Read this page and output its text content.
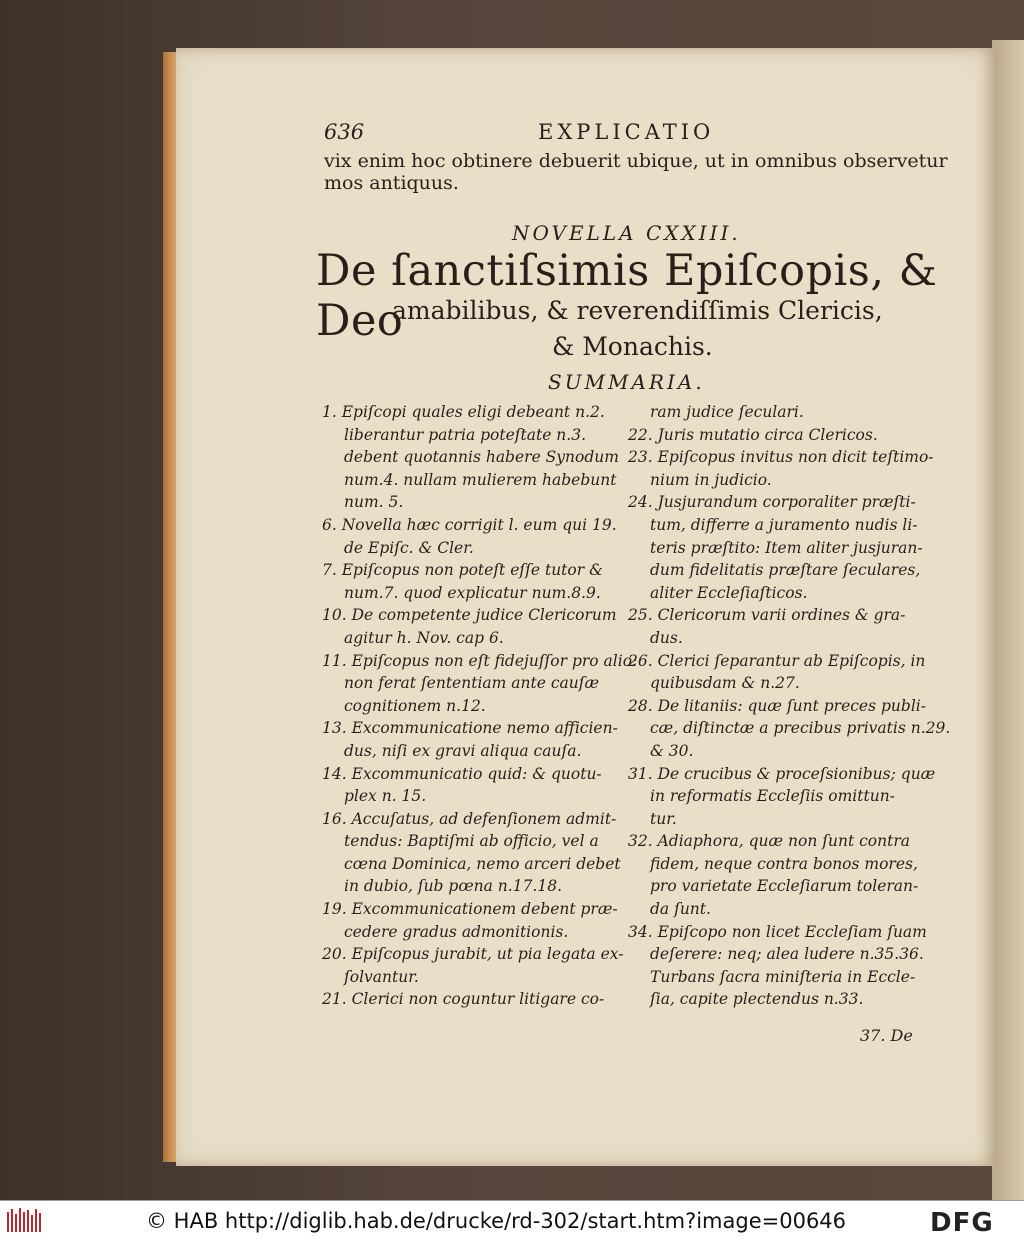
636	EXPLICATIO
vix enim hoc obtinere debuerit ubique, ut in omnibus observetur
mos antiquus.
NOVELLA CXXIII.
De ſanctiſsimis Epiſcopis, & Deo
amabilibus, & reverendiſſimis Clericis,
& Monachis.
SUMMARIA.
1. Epiſcopi quales eligi debeant n.2.
liberantur patria poteſtate n.3.
debent quotannis habere Synodum
num.4. nullam mulierem habebunt
num. 5.
6. Novella hæc corrigit l. eum qui 19.
de Epiſc. & Cler.
7. Epiſcopus non poteſt eſſe tutor &
num.7. quod explicatur num.8.9.
10. De competente judice Clericorum
agitur h. Nov. cap 6.
11. Epiſcopus non eſt fidejuſſor pro alio:
non ferat ſententiam ante cauſæ
cognitionem n.12.
13. Excommunicatione nemo afficien-
dus, niſi ex gravi aliqua cauſa.
14. Excommunicatio quid: & quotu-
plex n. 15.
16. Accuſatus, ad defenſionem admit-
tendus: Baptiſmi ab officio, vel a
cœna Dominica, nemo arceri debet
in dubio, ſub pœna n.17.18.
19. Excommunicationem debent præ-
cedere gradus admonitionis.
20. Epiſcopus jurabit, ut pia legata ex-
ſolvantur.
21. Clerici non coguntur litigare co-
ram judice ſeculari.
22. Juris mutatio circa Clericos.
23. Epiſcopus invitus non dicit teſtimo-
nium in judicio.
24. Jusjurandum corporaliter præſti-
tum, differre a juramento nudis li-
teris præſtito: Item aliter jusjuran-
dum fidelitatis præſtare ſeculares,
aliter Eccleſiaſticos.
25. Clericorum varii ordines & gra-
dus.
26. Clerici ſeparantur ab Epiſcopis, in
quibusdam & n.27.
28. De litaniis: quæ ſunt preces publi-
cæ, diſtinctæ a precibus privatis n.29.
& 30.
31. De crucibus & proceſsionibus; quæ
in reformatis Eccleſiis omittun-
tur.
32. Adiaphora, quæ non ſunt contra
fidem, neque contra bonos mores,
pro varietate Eccleſiarum toleran-
da ſunt.
34. Epiſcopo non licet Eccleſiam ſuam
deſerere: neq; alea ludere n.35.36.
Turbans ſacra miniſteria in Eccle-
ſia, capite plectendus n.33.
37. De
© HAB http://diglib.hab.de/drucke/rd-302/start.htm?image=00646	DFG
